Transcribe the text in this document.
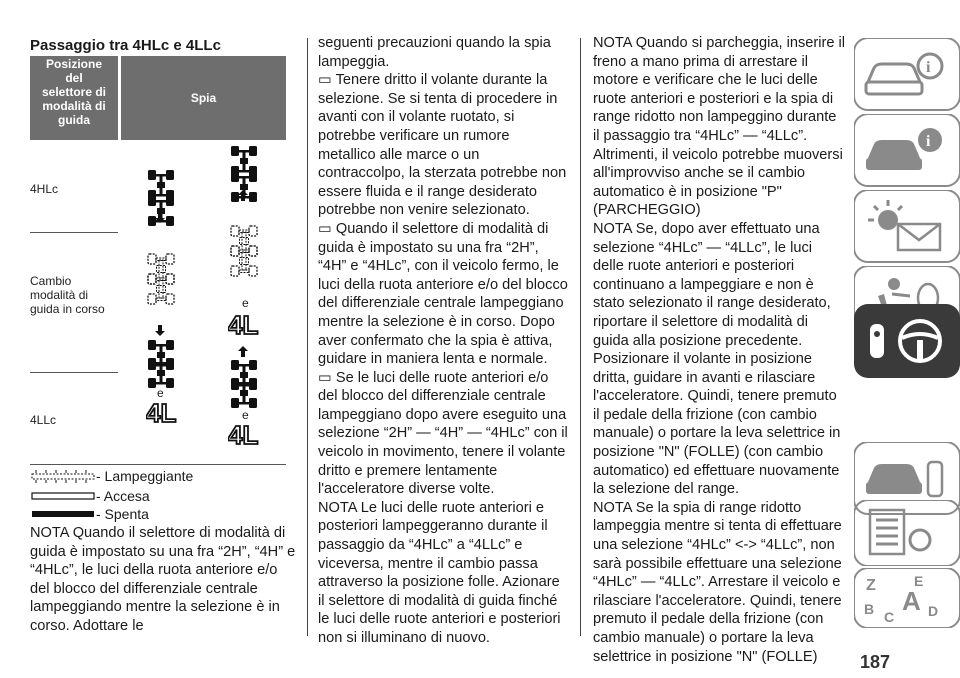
Passaggio tra 4HLc e 4LLc
Posizione
del
selettore di
modalità di
guida
Spia
4HLc
Cambio modalità di guida in corso
4LLc
e
e
e
- Lampeggiante
- Accesa
- Spenta

NOTA Quando il selettore di modalità di guida è impostato su una fra “2H”, “4H” e “4HLc”, le luci della ruota anteriore e/o del blocco del differenziale centrale lampeggiando mentre la selezione è in corso. Adottare le

seguenti precauzioni quando la spia lampeggia.

▭ Tenere dritto il volante durante la selezione. Se si tenta di procedere in avanti con il volante ruotato, si potrebbe verificare un rumore metallico alle marce o un contraccolpo, la sterzata potrebbe non essere fluida e il range desiderato potrebbe non venire selezionato.

▭ Quando il selettore di modalità di guida è impostato su una fra “2H”, “4H” e “4HLc”, con il veicolo fermo, le luci della ruota anteriore e/o del blocco del differenziale centrale lampeggiano mentre la selezione è in corso. Dopo aver confermato che la spia è attiva, guidare in maniera lenta e normale.

▭ Se le luci delle ruote anteriori e/o del blocco del differenziale centrale lampeggiano dopo avere eseguito una selezione “2H” — “4H” — “4HLc” con il veicolo in movimento, tenere il volante dritto e premere lentamente l'acceleratore diverse volte.

NOTA Le luci delle ruote anteriori e posteriori lampeggeranno durante il passaggio da “4HLc” a “4LLc” e viceversa, mentre il cambio passa attraverso la posizione folle. Azionare il selettore di modalità di guida finché le luci delle ruote anteriori e posteriori non si illuminano di nuovo.

NOTA Quando si parcheggia, inserire il freno a mano prima di arrestare il motore e verificare che le luci delle ruote anteriori e posteriori e la spia di range ridotto non lampeggino durante il passaggio tra “4HLc” — “4LLc”. Altrimenti, il veicolo potrebbe muoversi all'improvviso anche se il cambio automatico è in posizione "P" (PARCHEGGIO)

NOTA Se, dopo aver effettuato una selezione “4HLc” — “4LLc”, le luci delle ruote anteriori e posteriori continuano a lampeggiare e non è stato selezionato il range desiderato, riportare il selettore di modalità di guida alla posizione precedente. Posizionare il volante in posizione dritta, guidare in avanti e rilasciare l'acceleratore. Quindi, tenere premuto il pedale della frizione (con cambio manuale) o portare la leva selettrice in posizione "N" (FOLLE) (con cambio automatico) ed effettuare nuovamente la selezione del range.

NOTA Se la spia di range ridotto lampeggia mentre si tenta di effettuare una selezione “4HLc” <-> “4LLc”, non sarà possibile effettuare una selezione “4HLc” — “4LLc”. Arrestare il veicolo e rilasciare l'acceleratore. Quindi, tenere premuto il pedale della frizione (con cambio manuale) o portare la leva selettrice in posizione "N" (FOLLE)

i
i
Z	E
B C
A D
187
